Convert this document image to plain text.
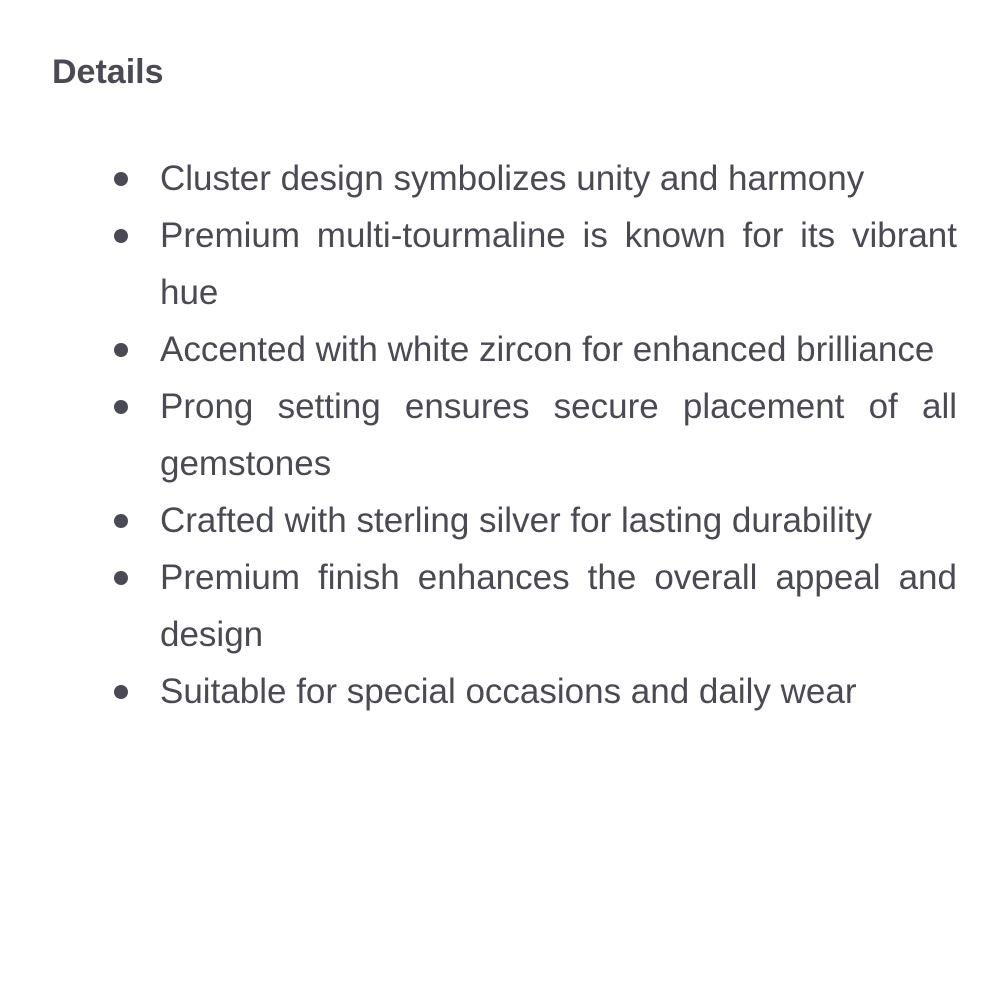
Details
Cluster design symbolizes unity and harmony
Premium multi-tourmaline is known for its vibrant hue
Accented with white zircon for enhanced brilliance
Prong setting ensures secure placement of all gemstones
Crafted with sterling silver for lasting durability
Premium finish enhances the overall appeal and design
Suitable for special occasions and daily wear
